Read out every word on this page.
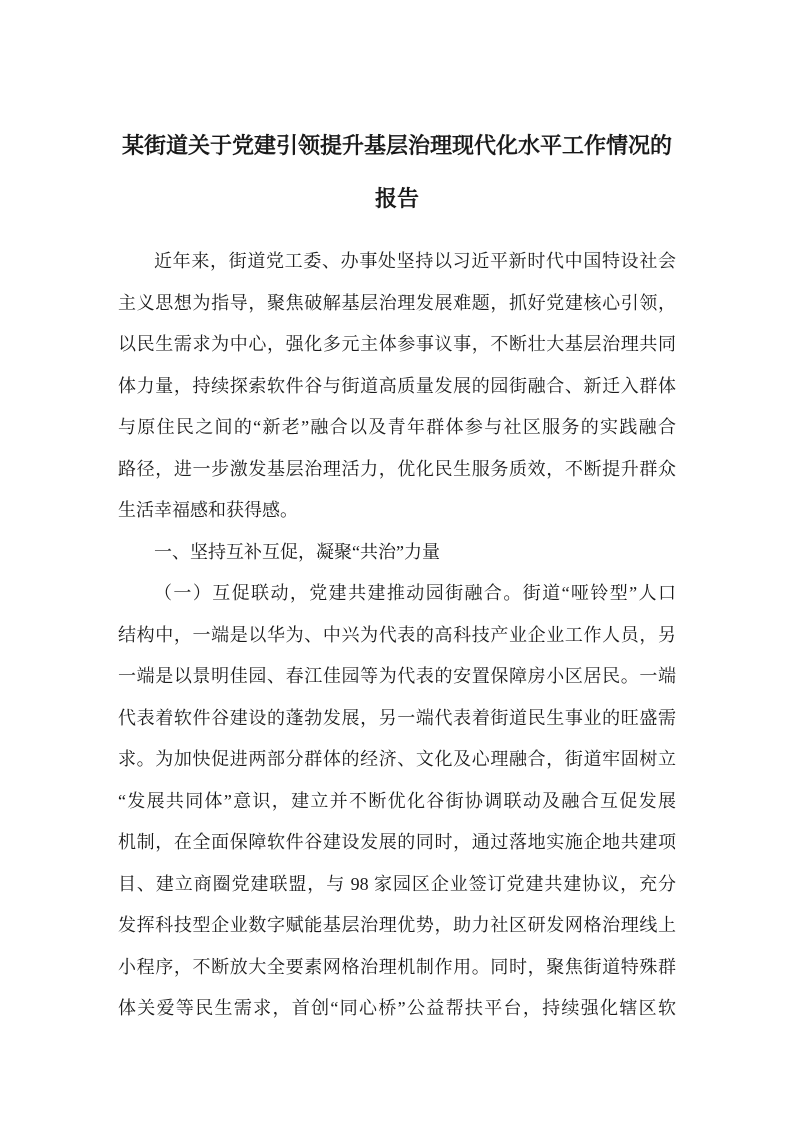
某街道关于党建引领提升基层治理现代化水平工作情况的
报告
近年来，街道党工委、办事处坚持以习近平新时代中国特设社会
主义思想为指导，聚焦破解基层治理发展难题，抓好党建核心引领，
以民生需求为中心，强化多元主体参事议事，不断壮大基层治理共同
体力量，持续探索软件谷与街道高质量发展的园街融合、新迁入群体
与原住民之间的“新老”融合以及青年群体参与社区服务的实践融合
路径，进一步激发基层治理活力，优化民生服务质效，不断提升群众
生活幸福感和获得感。
一、坚持互补互促，凝聚“共治”力量
（一）互促联动，党建共建推动园街融合。街道“哑铃型”人口
结构中，一端是以华为、中兴为代表的高科技产业企业工作人员，另
一端是以景明佳园、春江佳园等为代表的安置保障房小区居民。一端
代表着软件谷建设的蓬勃发展，另一端代表着街道民生事业的旺盛需
求。为加快促进两部分群体的经济、文化及心理融合，街道牢固树立
“发展共同体”意识，建立并不断优化谷街协调联动及融合互促发展
机制，在全面保障软件谷建设发展的同时，通过落地实施企地共建项
目、建立商圈党建联盟，与 98 家园区企业签订党建共建协议，充分
发挥科技型企业数字赋能基层治理优势，助力社区研发网格治理线上
小程序，不断放大全要素网格治理机制作用。同时，聚焦街道特殊群
体关爱等民生需求，首创“同心桥”公益帮扶平台，持续强化辖区软
